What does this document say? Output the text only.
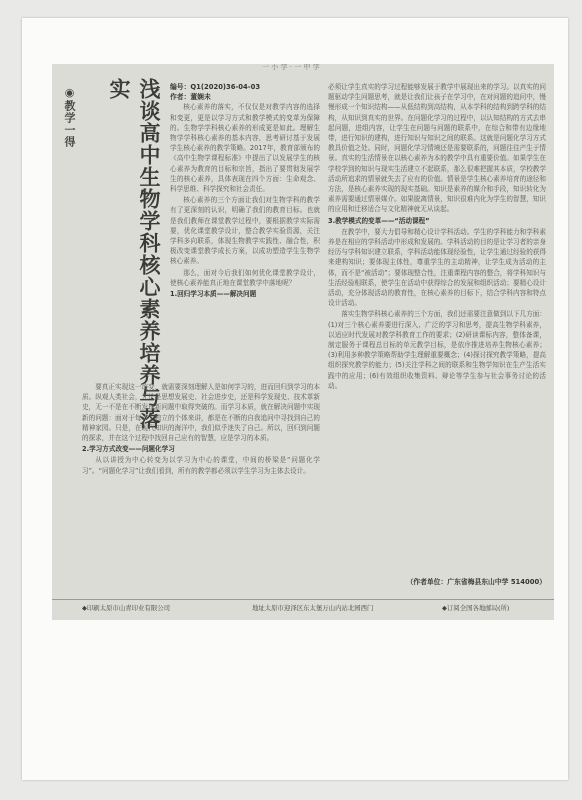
一 小 学 · 一 中 学
◉教学一得	浅谈高中生物学科核心素养培养与落实	编号：Q1(2020)36-04-03
作者：董娴未

核心素养的落实，不仅仅是对教学内容的选择和变更，更是以学习方式和教学模式的变革为保障的。生物学学科核心素养的形成更是如此。理解生物学学科核心素养的基本内容，思考研讨基于发展学生核心素养的教学策略。2017年，教育部颁布的《高中生物学课程标准》中提出了以发展学生的核心素养为教育的目标和宗旨，指出了要贯彻发展学生的核心素养，具体表现在四个方面：生命观念、科学思维、科学探究和社会责任。

核心素养的三个方面让我们对生物学科的教学有了更深刻的认识，明确了我们的教育目标。也就是我们教师在课堂教学过程中，要根据教学实际需要，优化课堂教学设计，整合教学实验资源，关注学科多向联系，体现生物教学实践性、融合性，积极改变课堂教学成长方案，以成功塑造学生生物学核心素养。

那么，面对今后我们如何优化课堂教学设计，使核心素养能真正地在课堂教学中落地呢？

1.回归学习本质——解决问题

要真正实现这一改变，就需要深刻理解人是如何学习的，进而回归到学习的本质。纵观人类社会，无论是思想发展史、社会进步史，还是科学发现史、技术革新史，无一不是在不断发现新问题中取得突破的。而学习本质，就在解决问题中实现新的问题：面对于每一个独立的个体来讲，都是在不断的自我追问中寻找到自己的精神家园。只是，在现代知识的海洋中，我们似乎迷失了自己。所以，回归到问题的探求，并在这个过程中找回自己应有的智慧，应是学习的本质。

2.学习方式改变——问题化学习

从以讲授为中心转变为以学习为中心的课堂，中间的桥梁是“问题化学习”。“问题化学习”让我们看到，所有的教学都必须以学生学习为主体去设计。

必须让学生真实的学习过程能够发展于教学中展现出来的学习。以真实的问题驱动学生问题思考，就是让我们让孩子在学习中，在对问题的追问中，慢慢形成一个知识结构——从低结构到高结构，从本学科的结构到跨学科的结构，从知识到真实的世界。在问题化学习的过程中，以认知结构的方式去串起问题，进组内容，让学生在问题与问题的联系中，在综合和带有边缘地带，进行知识的建构，进行知识与知识之间的联系。这就是问题化学习方式教具价值之处。同时，问题化学习情境还是需要联系的，问题往往产生于情景。真实的生活情景在以核心素养为本的教学中具有重要价值。如果学生在学校学到的知识与现实生活建立不起联系，那么很难把握其本质，学校教学活动所追求的情景就失去了应有的价值。情景是学生核心素养培育的途径和方法，是核心素养实现的现实基础。知识是素养的媒介和手段，知识转化为素养需要通过情景媒介。如果脱离情景，知识很难内化为学生的智慧，知识的应用和迁移适合与文化精神就无从谈起。

3.教学模式的变革——“活动课程”

在教学中，要大力倡导和精心设计学科活动。学生的学科能力和学科素养是在相应的学科活动中形成和发展的。学科活动的目的是让学习者的亲身经历与学科知识建立联系，学科活动能体现经验性，让学生通过经验的获得来建构知识；要体现主体性，尊重学生的主动精神，让学生成为活动的主体，而不是“被活动”；要体现整合性，注重课程内容的整合，将学科知识与生活经验相联系，使学生在活动中获得综合的发展和组织活动；要精心设计活动，充分体现活动的教育性，在核心素养的目标下，结合学科内容和特点设计活动。

落实生物学科核心素养的三个方面，我们还需要注意做到以下几方面：(1)对三个核心素养要进行深入、广泛的学习和思考，提高生物学科素养，以适应时代发展对教学科教育工作的要求；(2)研读课标内容，整体备课，制定服务于课程总目标的单元教学目标，是依序推进培养生物核心素养；(3)利用多种教学策略帮助学生理解重要概念；(4)探讨探究教学策略，提高组织探究教学的能力；(5)关注学科之间的联系和生物学知识在生产生活实践中的应用；(6)有效组织收集资料、辩论等学生参与社会事务讨论的活动。

（作者单位：广东省梅县东山中学 514000）
◆印刷太原市山青印业有限公司	地址太原市迎泽区东太堡万山内站北园西门	◆订阅全国各地邮局(所)
